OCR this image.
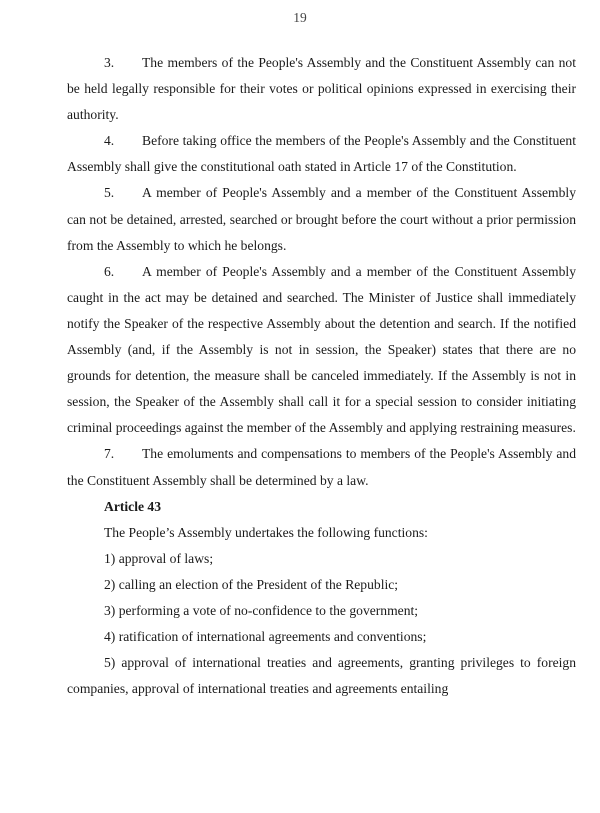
19

3. The members of the People's Assembly and the Constituent Assembly can not be held legally responsible for their votes or political opinions expressed in exercising their authority.

4. Before taking office the members of the People's Assembly and the Constituent Assembly shall give the constitutional oath stated in Article 17 of the Constitution.

5. A member of People's Assembly and a member of the Constituent Assembly can not be detained, arrested, searched or brought before the court without a prior permission from the Assembly to which he belongs.

6. A member of People's Assembly and a member of the Constituent Assembly caught in the act may be detained and searched. The Minister of Justice shall immediately notify the Speaker of the respective Assembly about the detention and search. If the notified Assembly (and, if the Assembly is not in session, the Speaker) states that there are no grounds for detention, the measure shall be canceled immediately. If the Assembly is not in session, the Speaker of the Assembly shall call it for a special session to consider initiating criminal proceedings against the member of the Assembly and applying restraining measures.

7. The emoluments and compensations to members of the People's Assembly and the Constituent Assembly shall be determined by a law.

Article 43

The People’s Assembly undertakes the following functions:

1) approval of laws;

2) calling an election of the President of the Republic;

3) performing a vote of no-confidence to the government;

4) ratification of international agreements and conventions;

5) approval of international treaties and agreements, granting privileges to foreign companies, approval of international treaties and agreements entailing
